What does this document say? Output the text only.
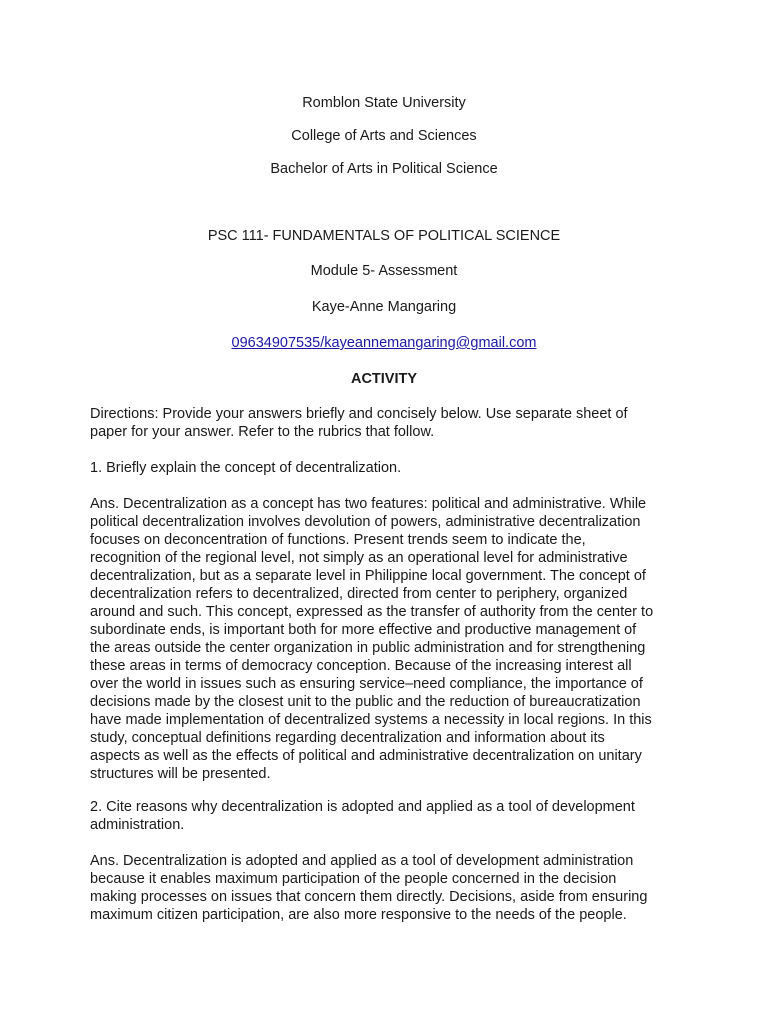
Romblon State University
College of Arts and Sciences
Bachelor of Arts in Political Science
PSC 111- FUNDAMENTALS OF POLITICAL SCIENCE
Module 5- Assessment
Kaye-Anne Mangaring
09634907535/kayeannemangaring@gmail.com
ACTIVITY
Directions: Provide your answers briefly and concisely below. Use separate sheet of
paper for your answer. Refer to the rubrics that follow.
1. Briefly explain the concept of decentralization.
Ans. Decentralization as a concept has two features: political and administrative. While
political decentralization involves devolution of powers, administrative decentralization
focuses on deconcentration of functions. Present trends seem to indicate the,
recognition of the regional level, not simply as an operational level for administrative
decentralization, but as a separate level in Philippine local government. The concept of
decentralization refers to decentralized, directed from center to periphery, organized
around and such. This concept, expressed as the transfer of authority from the center to
subordinate ends, is important both for more effective and productive management of
the areas outside the center organization in public administration and for strengthening
these areas in terms of democracy conception. Because of the increasing interest all
over the world in issues such as ensuring service–need compliance, the importance of
decisions made by the closest unit to the public and the reduction of bureaucratization
have made implementation of decentralized systems a necessity in local regions. In this
study, conceptual definitions regarding decentralization and information about its
aspects as well as the effects of political and administrative decentralization on unitary
structures will be presented.
2. Cite reasons why decentralization is adopted and applied as a tool of development
administration.
Ans. Decentralization is adopted and applied as a tool of development administration
because it enables maximum participation of the people concerned in the decision
making processes on issues that concern them directly. Decisions, aside from ensuring
maximum citizen participation, are also more responsive to the needs of the people.
